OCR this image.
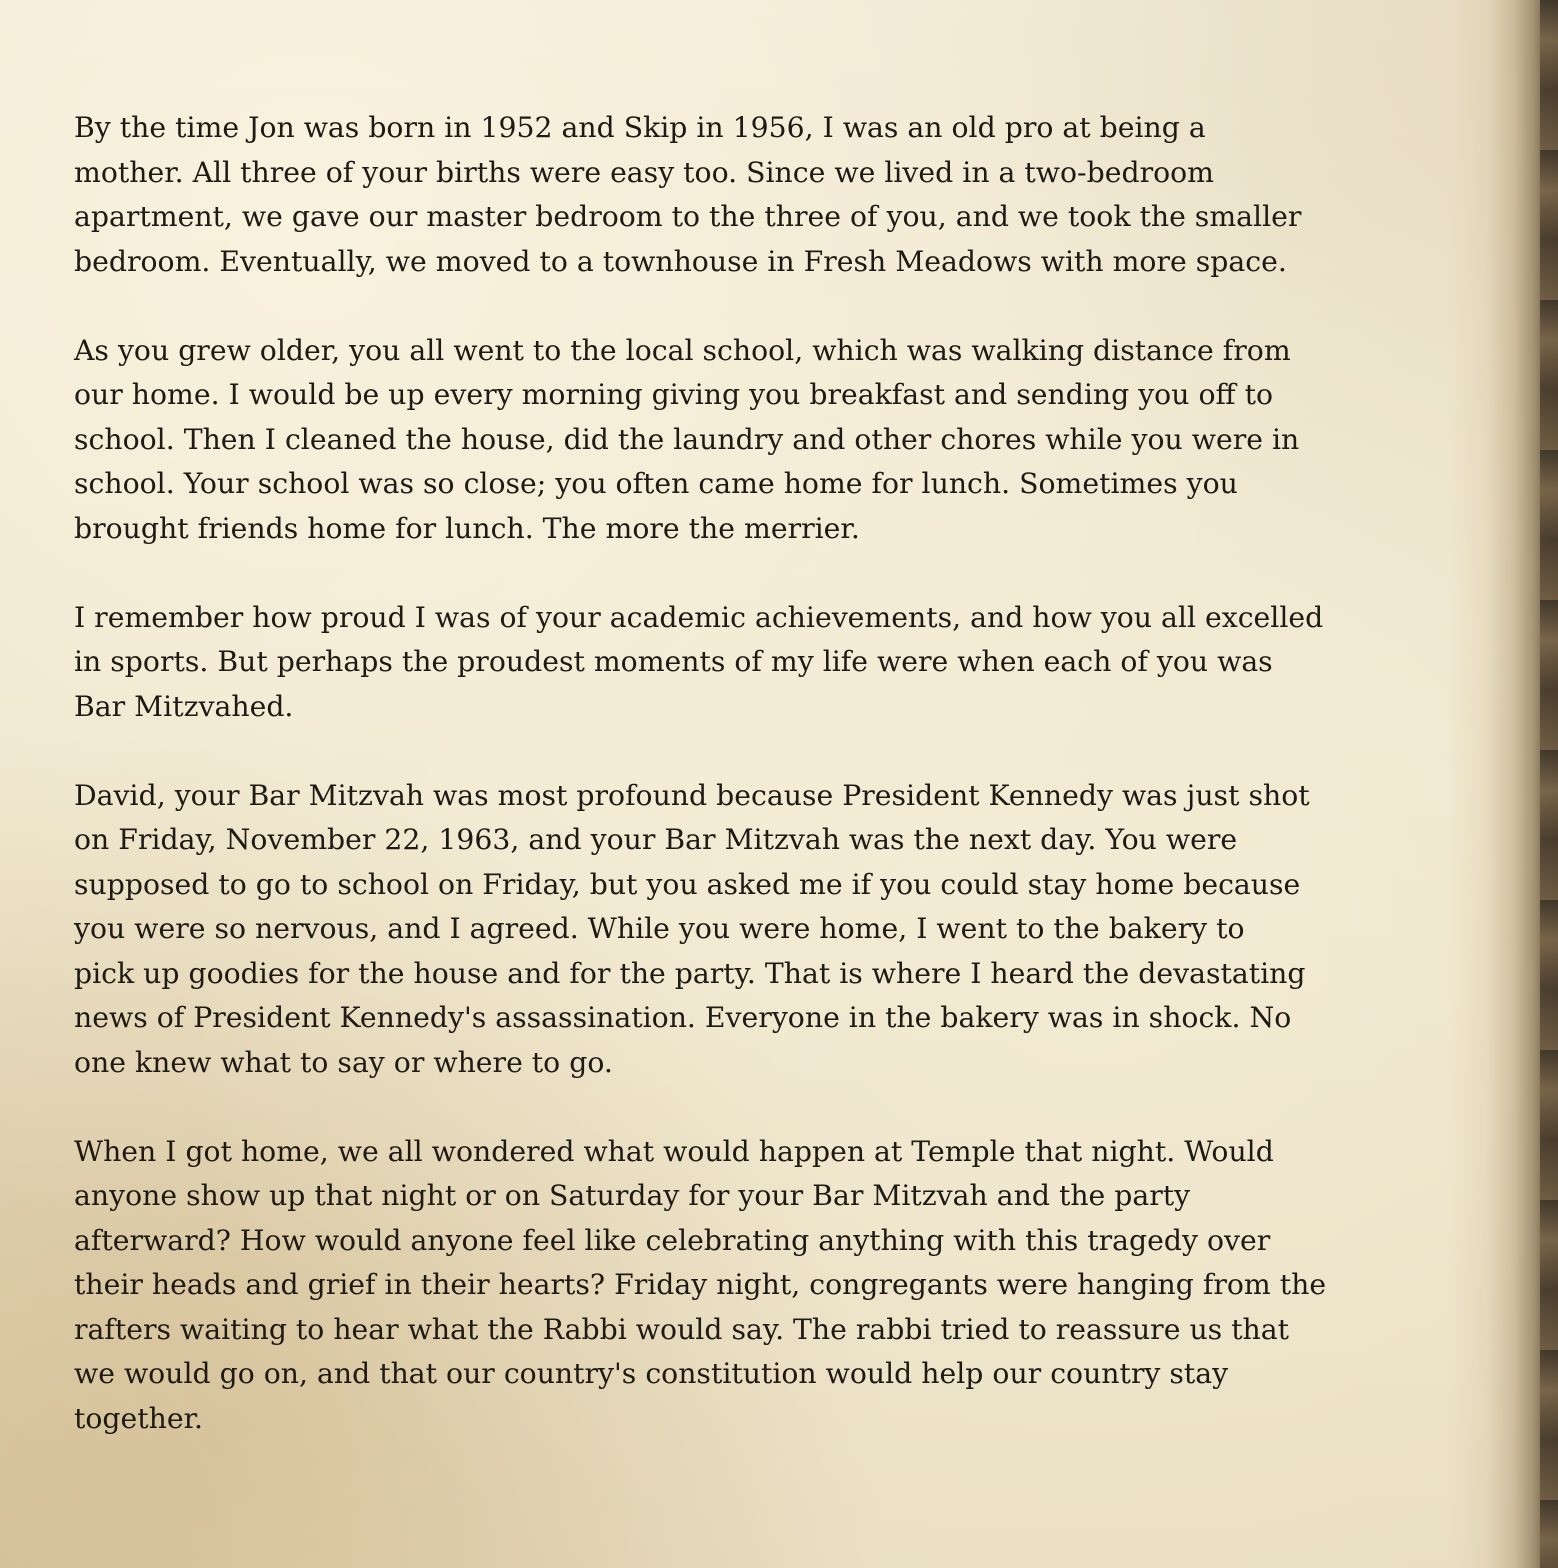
By the time Jon was born in 1952 and Skip in 1956, I was an old pro at being a
mother. All three of your births were easy too. Since we lived in a two-bedroom
apartment, we gave our master bedroom to the three of you, and we took the smaller
bedroom. Eventually, we moved to a townhouse in Fresh Meadows with more space.

As you grew older, you all went to the local school, which was walking distance from
our home. I would be up every morning giving you breakfast and sending you off to
school. Then I cleaned the house, did the laundry and other chores while you were in
school. Your school was so close; you often came home for lunch. Sometimes you
brought friends home for lunch. The more the merrier.

I remember how proud I was of your academic achievements, and how you all excelled
in sports. But perhaps the proudest moments of my life were when each of you was
Bar Mitzvahed.

David, your Bar Mitzvah was most profound because President Kennedy was just shot
on Friday, November 22, 1963, and your Bar Mitzvah was the next day. You were
supposed to go to school on Friday, but you asked me if you could stay home because
you were so nervous, and I agreed. While you were home, I went to the bakery to
pick up goodies for the house and for the party. That is where I heard the devastating
news of President Kennedy's assassination. Everyone in the bakery was in shock. No
one knew what to say or where to go.

When I got home, we all wondered what would happen at Temple that night. Would
anyone show up that night or on Saturday for your Bar Mitzvah and the party
afterward? How would anyone feel like celebrating anything with this tragedy over
their heads and grief in their hearts? Friday night, congregants were hanging from the
rafters waiting to hear what the Rabbi would say. The rabbi tried to reassure us that
we would go on, and that our country's constitution would help our country stay
together.
